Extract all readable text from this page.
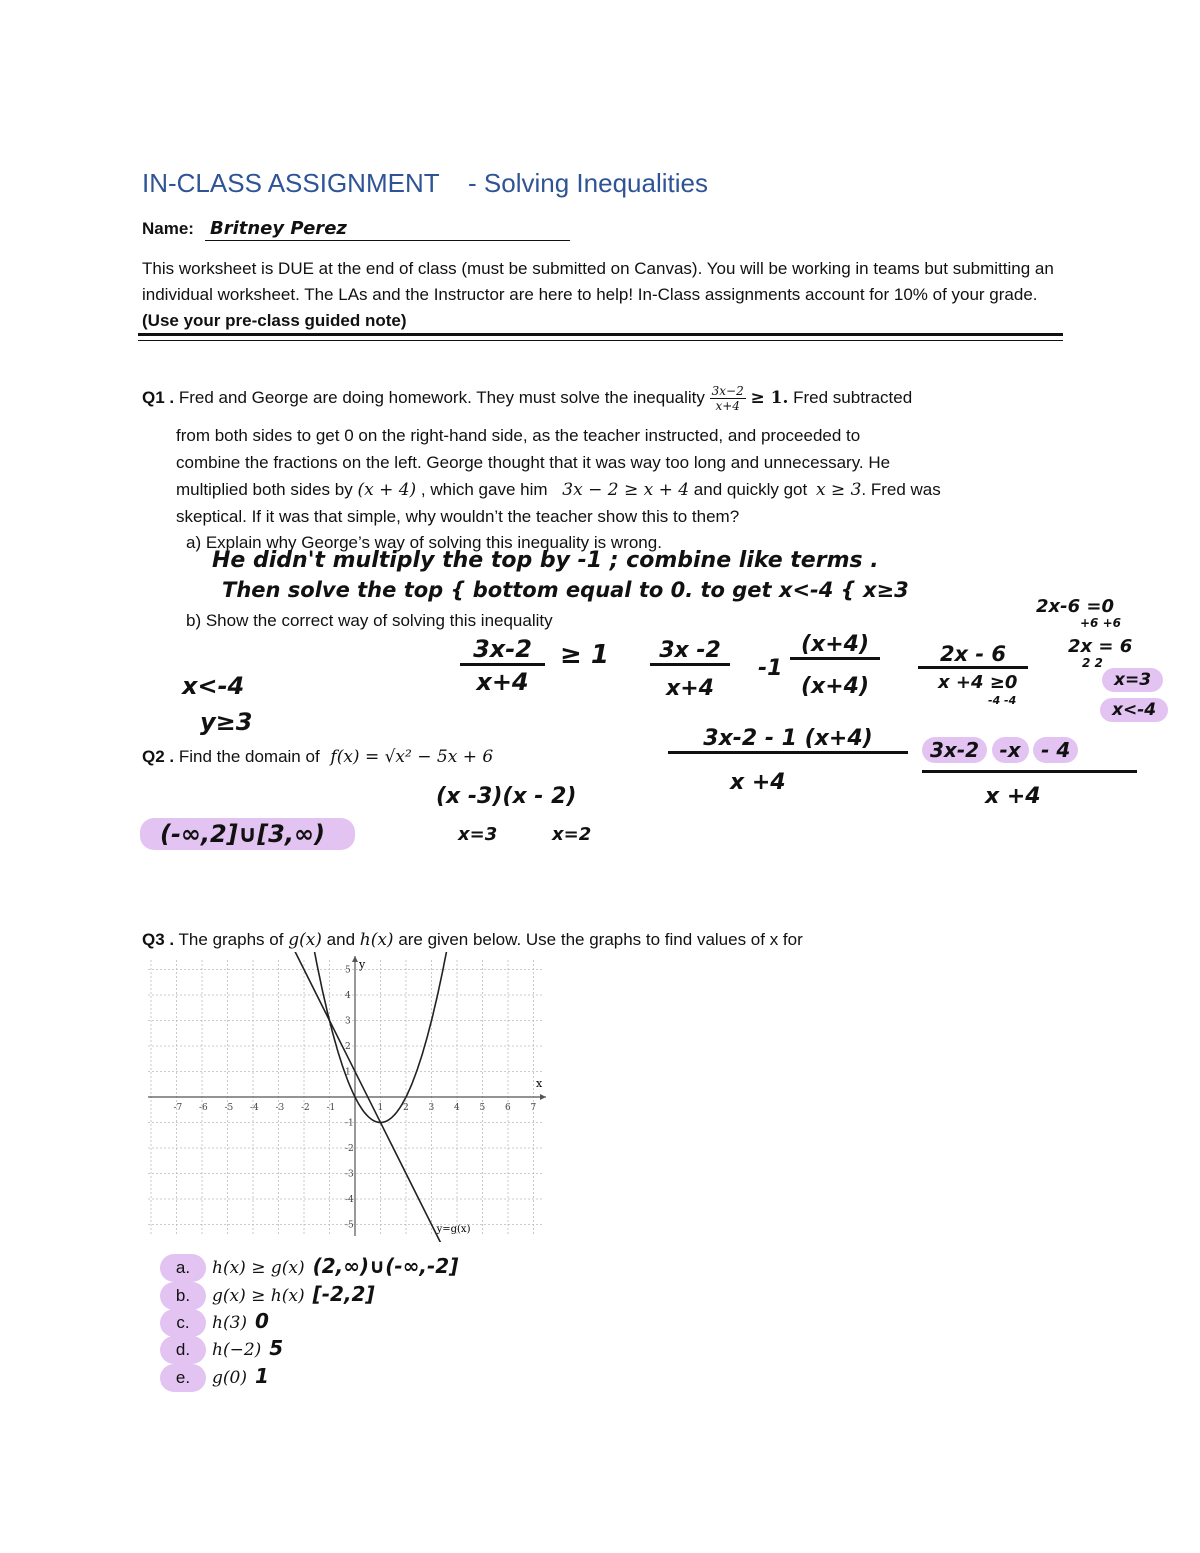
IN-CLASS ASSIGNMENT    - Solving Inequalities
Name: Britney Perez
This worksheet is DUE at the end of class (must be submitted on Canvas). You will be working in teams but submitting an individual worksheet. The LAs and the Instructor are here to help! In-Class assignments account for 10% of your grade. (Use your pre-class guided note)
Q1 . Fred and George are doing homework. They must solve the inequality $\frac{3x-2}{x+4} \ge 1$. Fred subtracted
from both sides to get 0 on the right-hand side, as the teacher instructed, and proceeded to
combine the fractions on the left. George thought that it was way too long and unnecessary. He
multiplied both sides by (x + 4) , which gave him 3x − 2 ≥ x + 4 and quickly got x ≥ 3. Fred was
skeptical. If it was that simple, why wouldn’t the teacher show this to them?
a) Explain why George’s way of solving this inequality is wrong.
He didn't multiply the top by -1 ; combine like terms .
Then solve the top { bottom equal to 0. to get x<-4 { x≥3
b) Show the correct way of solving this inequality
x<-4
y≥3
3x-2
x+4
≥ 1	3x -2
x+4
-1
(x+4)
(x+4)
2x - 6
x +4 ≥0
-4 -4
2x-6 =0
+6 +6
2x = 6
2 2
x=3
x<-4
3x-2 - 1 (x+4)
x +4
3x-2 -x - 4
x +4
Q2 . Find the domain of f(x) = √x² − 5x + 6
(x -3)(x - 2)
x=3	x=2
(-∞,2]∪[3,∞)
Q3 . The graphs of g(x) and h(x) are given below. Use the graphs to find values of x for
x
y
-7 -6 -5 -4 -3 -2 -1	1 2 3 4 5 6 7
5
4
3
2
1
-1
-2
-3
-4
-5	y=g(x)
a. h(x) ≥ g(x) (2,∞)∪(-∞,-2]
b. g(x) ≥ h(x) [-2,2]
c. h(3) 0
d. h(−2) 5
e. g(0) 1
